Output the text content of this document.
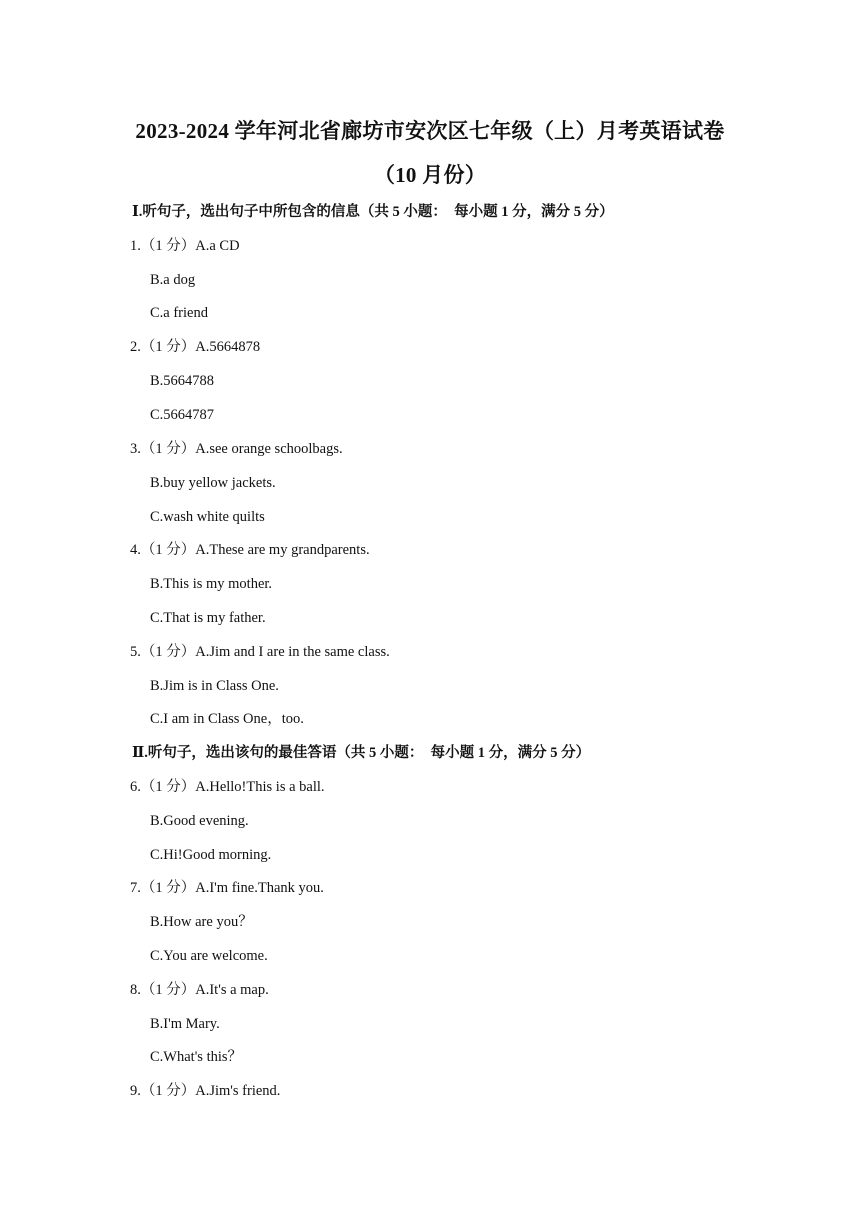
2023-2024 学年河北省廊坊市安次区七年级（上）月考英语试卷
（10 月份）
Ⅰ.听句子，选出句子中所包含的信息（共 5 小题：　每小题 1 分，满分 5 分）
1.（1 分）A.a CD
B.a dog
C.a friend
2.（1 分）A.5664878
B.5664788
C.5664787
3.（1 分）A.see orange schoolbags.
B.buy yellow jackets.
C.wash white quilts
4.（1 分）A.These are my grandparents.
B.This is my mother.
C.That is my father.
5.（1 分）A.Jim and I are in the same class.
B.Jim is in Class One.
C.I am in Class One，too.
Ⅱ.听句子，选出该句的最佳答语（共 5 小题：　每小题 1 分，满分 5 分）
6.（1 分）A.Hello!This is a ball.
B.Good evening.
C.Hi!Good morning.
7.（1 分）A.I'm fine.Thank you.
B.How are you？
C.You are welcome.
8.（1 分）A.It's a map.
B.I'm Mary.
C.What's this？
9.（1 分）A.Jim's friend.
